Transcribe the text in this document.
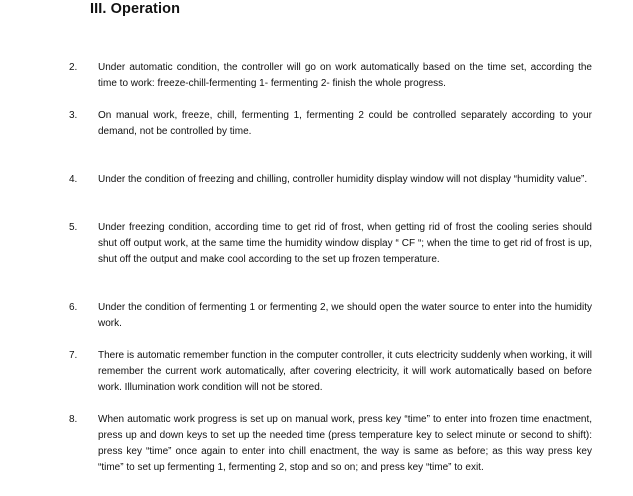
III. Operation
2. Under automatic condition, the controller will go on work automatically based on the time set, according the time to work: freeze-chill-fermenting 1- fermenting 2- finish the whole progress.
3. On manual work, freeze, chill, fermenting 1, fermenting 2 could be controlled separately according to your demand, not be controlled by time.
4. Under the condition of freezing and chilling, controller humidity display window will not display “humidity value”.
5. Under freezing condition, according time to get rid of frost, when getting rid of frost the cooling series should shut off output work, at the same time the humidity window display “ CF “; when the time to get rid of frost is up, shut off the output and make cool according to the set up frozen temperature.
6. Under the condition of fermenting 1 or fermenting 2, we should open the water source to enter into the humidity work.
7. There is automatic remember function in the computer controller, it cuts electricity suddenly when working, it will remember the current work automatically, after covering electricity, it will work automatically based on before work. Illumination work condition will not be stored.
8. When automatic work progress is set up on manual work, press key “time” to enter into frozen time enactment, press up and down keys to set up the needed time (press temperature key to select minute or second to shift): press key “time” once again to enter into chill enactment, the way is same as before; as this way press key “time” to set up fermenting 1, fermenting 2, stop and so on; and press key “time” to exit.
